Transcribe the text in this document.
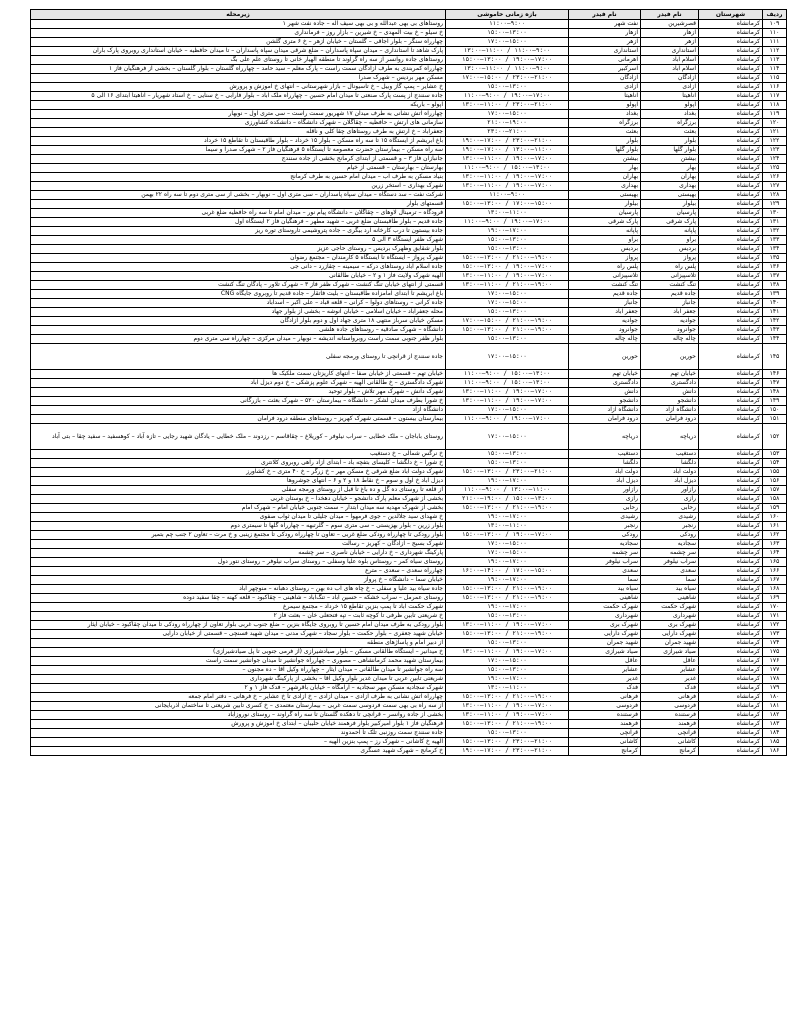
ردیف	شهرستان	نام فیدر	نام فیدر	بازه زمانی خاموشی	زیرمحله
۱۰۹	کرمانشاه	قصرشیرین	نفت شهر	۱۱:۰۰–۹:۰۰	روستاهای بی بهی عبدالله و بی بهی سیف اله – جاده نفت شهر ۱
۱۱۰	کرمانشاه	ازهار	ازهار	۱۵:۰۰–۱۳:۰۰	خ سیلو – خ بیت المهدی – خ شیرین – بازار روز – فرمانداری
۱۱۱	کرمانشاه	ازهر	ازهر	۱۷:۰۰–۱۵:۰۰	چهارراه سنگر – بلوار اجاقی – گلستان – خیابان ازهر – خ ۶ متری گلشن
۱۱۲	کرمانشاه	استانداری	استانداری	۱۳:۰۰–۱۱:۰۰ / ۱۱:۰۰–۹:۰۰	پارک شاهد تا استانداری – میدان سپاه پاسداران – ضلع شرقی میدان سپاه پاسداران – تا میدان حافظیه – خیابان استانداری روبروی پارک باران
۱۱۳	کرمانشاه	اسلام آباد	اهرمانی	۱۵:۰۰–۱۳:۰۰ / ۱۹:۰۰–۱۷:۰۰	روستاهای جاده روانسر از سه راه گراوند تا منطقه الهیار خانی تا روستای علم علی بگ
۱۱۴	کرمانشاه	اسلام آباد	اسرکبیر	۱۳:۰۰–۱۱:۰۰ / ۱۱:۰۰–۹:۰۰	چهارراه کمربندی به طرف آزادگان سمت راست – پارک معلم – سید حامد – چهارراه گلستان – بلوار گلستان – بخشی از فرهنگیان فاز ۱
۱۱۵	کرمانشاه	آزادگان	آزادگان	۱۷:۰۰–۱۵:۰۰ / ۲۳:۰۰–۲۱:۰۰	مسکن مهر بردیس – شهرک صدرا
۱۱۶	کرمانشاه	آزادی	آزادی	۱۵:۰۰–۱۳:۰۰	خ عشایر – پمپ گاز وبیل – خ تاسیونال – بازار شهرستانی – انتهای خ آموزش و پرورش
۱۱۷	کرمانشاه	آناهیتا	آناهیتا	۱۱:۰۰–۹:۰۰ / ۱۹:۰۰–۱۷:۰۰	جاده سنندج از پست پارک صنعتی تا میدان امام حسین – چهارراه ملک آباد – بلوار فارابی – خ سنایی – خ استاد شهریار – آناهیتا ابتدای ۱۶ الی ۵
۱۱۸	کرمانشاه	اپولو	اپولو	۱۳:۰۰–۱۱:۰۰ / ۲۳:۰۰–۲۱:۰۰	اپولو – باریکه
۱۱۹	کرمانشاه	بغداد	بغداد	۱۷:۰۰–۱۵:۰۰	چهارراه آتش نشانی به طرف میدان ۱۷ شهریور سمت راست – سی متری اول – نوبهار
۱۲۰	کرمانشاه	برزگراه	برزگراه	۲۱:۰۰–۱۹:۰۰	سازمانی های ارتش – حافظیه – چقاگلان – شهرک دانشگاه – دانشکده کشاورزی
۱۲۱	کرمانشاه	بعثت	بعثت	۲۳:۰۰–۲۱:۰۰	جعفرآباد – خ ارتش به طرف روستاهای چقا کلی و ناقله
۱۲۲	کرمانشاه	بلوار	بلوار	۱۹:۰۰–۱۷:۰۰ / ۲۳:۰۰–۲۱:۰۰	باغ ابریشم از ایستگاه ۱۵ تا سه راه مسکن – بلوار ۱۵ خرداد – بلوار طاقبستان تا تقاطع ۱۵ خرداد
۱۲۳	کرمانشاه	بلوار گلها	بلوار گلها	۱۹:۰۰–۱۷:۰۰ / ۱۳:۰۰–۱۱:۰۰	سه راه مسکن – بیمارستان حضرت معصومه تا ایستگاه ۵ فرهنگیان فاز ۲ – شهرک صدرا و سیما
۱۲۴	کرمانشاه	بیشتن	بیشتن	۱۳:۰۰–۱۱:۰۰ / ۱۹:۰۰–۱۷:۰۰	جانبازان فاز ۳ – و قسمتی از ابتدای کرمانج بخشی از جاده سنندج
۱۲۵	کرمانشاه	بهار	بهار	۱۱:۰۰–۹:۰۰ / ۱۵:۰۰–۱۳:۰۰	بهارستان – بهارستان – قسمتی از خیام
۱۲۶	کرمانشاه	بهاران	بهاران	۱۳:۰۰–۱۱:۰۰ / ۱۹:۰۰–۱۷:۰۰	بنیاد مسکن به طرف آب – میدان امام حسین به طرف کرمانج
۱۲۷	کرمانشاه	بهداری	بهداری	۱۳:۰۰–۱۱:۰۰ / ۱۹:۰۰–۱۷:۰۰	شهرک بهداری – استخر زرین
۱۲۸	کرمانشاه	بهیستی	بهیستی	۱۱:۰۰–۹:۰۰	شرکت نفت – سد دستگاه – میدان سپاه پاسداران – سی متری اول – نوبهار – بخشی از سی متری دوم تا سه راه ۲۲ بهمن
۱۲۹	کرمانشاه	بیلوار	بیلوار	۱۵:۰۰–۱۳:۰۰ / ۱۷:۰۰–۱۵:۰۰	قسمتهای بلوار
۱۳۰	کرمانشاه	پارسیان	پارسیان	۱۳:۰۰–۱۱:۰۰	فرودگاه – ترمینال لاوهای – چقاگلان – دانشگاه پیام نور – میدان امام تا سه راه حافظیه ضلع غربی
۱۳۱	کرمانشاه	پارک شرقی	پارک شرقی	۱۱:۰۰–۹:۰۰ / ۱۹:۰۰–۱۷:۰۰	جاده قدیم – بلوار طاقبستان ضلع غربی – شهید مطهر – فرهنگیان فاز ۲ ایستگاه اول
۱۳۲	کرمانشاه	پاپانه	پاپانه	۱۹:۰۰–۱۷:۰۰	جاده بیستون تا درب کارخانه آرد بیگری – جاده پتروشیمی تاروستای توره ریز
۱۳۳	کرمانشاه	براو	براو	۱۵:۰۰–۱۳:۰۰	شهرک ظفر ایستگاه ۳ الی ۵
۱۳۴	کرمانشاه	بردیس	بردیس	۱۵:۰۰–۱۳:۰۰	بلوار شقایق وظهرک بردیس – روستای حاجی عزیز
۱۳۵	کرمانشاه	پرواز	پرواز	۱۵:۰۰–۱۳:۰۰ / ۲۱:۰۰–۱۹:۰۰	شهرک پرواز – ایستگاه تا ایستگاه ۵ کارمندان – مجتمع رضوان
۱۳۶	کرمانشاه	پلس راه	پلس راه	۱۵:۰۰–۱۳:۰۰ / ۱۹:۰۰–۱۷:۰۰	جاده اسلام آباد روستاهای درکه – سیمینه – چقازرد – دانی جی
۱۳۷	کرمانشاه	تلاسپیزانی	تلاسپیزانی	۱۳:۰۰–۱۱:۰۰ / ۱۹:۰۰–۱۷:۰۰	الهیه شهرک ولایت فاز ۱ و ۲ – خیابان طالقانی
۱۳۸	کرمانشاه	تنگ کنشت	تنگ کنشت	۱۳:۰۰–۱۱:۰۰ / ۲۱:۰۰–۱۹:۰۰	قسمتی از انتهای خیابان تنگ کنشت – شهرک ظفر فاز ۳ – شهرک تلاور – پادگان تنگ کنشت
۱۳۹	کرمانشاه	جاده قدیم	جاده قدیم	۱۷:۰۰–۱۵:۰۰	باغ ابریشم تا ابتدای امامزاده طاقبستان – بلیت فاتقار – جاده قدیم تا روبروی جایگاه CNG
۱۴۰	کرمانشاه	جانباز	جانباز	۱۷:۰۰–۱۵:۰۰	جاده کرانی – روستاهای دولوا – کرانی – قلعه قباد – علی اکبر – اسدآباد
۱۴۱	کرمانشاه	جعفر آباد	جعفر آباد	۱۵:۰۰–۱۳:۰۰	محله جعفرآباد – خیابان اسلامی – خیابان انوشه – بخشی از بلوار جهاد
۱۴۲	کرمانشاه	جوادیه	جوادیه	۱۷:۰۰–۱۵:۰۰ / ۲۱:۰۰–۱۹:۰۰	مسکن خیابان سرباز منتهی ۱۸ متری جهاد اول و دوم بلوار آزادگان
۱۴۳	کرمانشاه	جوانرود	جوانرود	۱۵:۰۰–۱۳:۰۰ / ۲۱:۰۰–۱۹:۰۰	دانشگاه – شهرک صادقیه – روستاهای جاده هلشی
۱۴۴	کرمانشاه	چاله چاله	چاله چاله	۱۵:۰۰–۱۳:۰۰	بلوار ظفر جنوبی سمت راست روبروآستانه اندیشه – نوبهار – میدان مرکزی – چهارراه سی متری دوم
۱۴۵	کرمانشاه	حورین	حورین	۱۷:۰۰–۱۵:۰۰	جاده سنندج از قرانچی تا روستای ورمجه سفلی
۱۴۶	کرمانشاه	خیابان تهم	خیابان تهم	۱۱:۰۰–۹:۰۰ / ۱۵:۰۰–۱۳:۰۰	خیابان تهم – قسمتی از خیابان صفا – انتهای کاریزتان سمت ملکیک ها
۱۴۷	کرمانشاه	دادگستری	دادگستری	۱۱:۰۰–۹:۰۰ / ۱۵:۰۰–۱۳:۰۰	شهرک دادگستری – خ طالقانی الهیه – شهرک علوم پزشکی – خ دوم دیزل آباد
۱۴۸	کرمانشاه	دانش	دانش	۱۳:۰۰–۱۱:۰۰ / ۱۹:۰۰–۱۷:۰۰	شهرک دانش – شهرک مهر تلاش – بلوار توحید
۱۴۹	کرمانشاه	دانشجو	دانشجو	۱۳:۰۰–۱۱:۰۰ / ۱۹:۰۰–۱۷:۰۰	خ شورا بطرف میدان لشکر – دانشگاه – بیمارستان ۵۲۰ – شهرک بعثت – بازرگانی
۱۵۰	کرمانشاه	دانشگاه آزاد	دانشگاه آزاد	۱۷:۰۰–۱۵:۰۰	دانشگاه آزاد
۱۵۱	کرمانشاه	درود فرامان	درود فرامان	۱۱:۰۰–۹:۰۰ / ۱۹:۰۰–۱۷:۰۰	بیمارستان بیستون – قسمتی شهرک کهریز – روستاهای منطقه درود فرامان
۱۵۲	کرمانشاه	دریاچه	دریاچه	۱۷:۰۰–۱۵:۰۰	روستای باباجان – ملک خطایی – سراب نیلوفر – کوریلاغ – چقاقاسم – رزدوند – ملک خطایی – یادگان شهید رجایی – تازه آباد – کوهسفید – سفید چقا – بتی آباد
۱۵۳	کرمانشاه	دستغیب	دستغیب	۱۵:۰۰–۱۳:۰۰	خ نرگس شمالی – خ دستغیب
۱۵۴	کرمانشاه	دلگشا	دلگشا	۱۵:۰۰–۱۳:۰۰	خ شورا – خ دلگشا – کلیسای بتفچه باد – ابتدای آزاد راهی روبروی کلانتری
۱۵۵	کرمانشاه	دولت آباد	دولت آباد	۱۵:۰۰–۱۳:۰۰ / ۲۳:۰۰–۲۱:۰۰	شهرک دولت آباد ضلع شرقی خ مسکن مهر – خ زرگر – خ ۴۰ متری – خ کشاورز
۱۵۶	کرمانشاه	دیزل آباد	دیزل آباد	۱۹:۰۰–۱۷:۰۰	دیزل آباد خ اول و سوم – خ نقاط ۱۸ و ۲ و ۶ – انتهای جوشروها
۱۵۷	کرمانشاه	رازآور	رازآور	۱۱:۰۰–۹:۰۰ / ۱۳:۰۰–۱۱:۰۰	از قلعه تا روستای ده گل و ده باغ تا قبل از روستای ورمجه سفلی
۱۵۸	کرمانشاه	رازی	رازی	۲۱:۰۰–۱۹:۰۰ / ۱۵:۰۰–۱۳:۰۰	بخشی از شهرک معلم پارک دانشجو – خیابان دهخدا – خ بوستان غربی
۱۵۹	کرمانشاه	رحابی	رحابی	۱۵:۰۰–۱۳:۰۰ / ۲۱:۰۰–۱۹:۰۰	بخشی از شهرک مهدیه سه میدان ابتدار – سمت جنوبی خیابان امام – شهرک امام
۱۶۰	کرمانشاه	رشیدی	رشیدی	۱۹:۰۰–۱۷:۰۰	خ شهدای سید جلالدین – جوی فرمهوا – میدان جلیلی تا میدان ثواب صفوی
۱۶۱	کرمانشاه	رنجبر	رنجبر	۱۳:۰۰–۱۱:۰۰	بلوار زرین – بلوار بهزیستی – سی متری سوم – گلرتبهه – چهارراه گلها تا سیمتری دوم
۱۶۲	کرمانشاه	رودکی	رودکی	۱۵:۰۰–۱۳:۰۰ / ۱۹:۰۰–۱۷:۰۰	بلوار رودکی تا چهارراه رودکی ضلع غربی – تعاون تا چهارراه رودکی تا مجتمع زینبی و خ مرت – تعاون ۲ جنب چم بتمیر
۱۶۳	کرمانشاه	سجادیه	سجادیه	۱۷:۰۰–۱۵:۰۰	شهرک بسیج – آزادگان – کهریز – رسالت
۱۶۴	کرمانشاه	سر چشمه	سر چشمه	۱۷:۰۰–۱۵:۰۰	پارکینگ شهرداری – خ دارایی – خیابان ناصری – سر چشمه
۱۶۵	کرمانشاه	سراب نیلوفر	سراب نیلوفر	۱۹:۰۰–۱۷:۰۰	روستای سیاه کمر – روستاس بلوه علیا وسفلی – روستای سراب نیلوفر – روستای نتور دول
۱۶۶	کرمانشاه	سعدی	سعدی	۱۶:۰۰–۱۴:۰۰ / ۱۷:۰۰–۱۵:۰۰	چهارراه سعدی – سعدی – مترع
۱۶۷	کرمانشاه	سما	سما	۱۹:۰۰–۱۷:۰۰	خیابان سما – دانشگاه – خ پرواز
۱۶۸	کرمانشاه	سیاه بید	سیاه بید	۱۵:۰۰–۱۳:۰۰ / ۲۱:۰۰–۱۹:۰۰	جاده سیاه بید علیا و سفلی – خ چاه های آب ده بهن – روستای دهبانه – منوچهر آباد
۱۶۹	کرمانشاه	شاهینی	شاهینی	۱۵:۰۰–۱۳:۰۰ / ۲۱:۰۰–۱۹:۰۰	روستای عمرمل – سراب خشکه – حسین آباد – تنگ‌آباد – شاهینی – چقاکبود – قلعه کهنه – چقا سفید دوده
۱۷۰	کرمانشاه	شهرک حکمت	شهرک حکمت	۱۹:۰۰–۱۷:۰۰	شهرک حکمت آباد تا پمپ بنزین تقاطع ۱۵ خرداد – مجتمع سیمرغ
۱۷۱	کرمانشاه	شهرداری	شهرداری	۱۵:۰۰–۱۳:۰۰	خ شریعتی تابین ظرفی تا کوچه ثابت – تپه فتحعلی خان – بعثت فاز ۲
۱۷۲	کرمانشاه	شهرک بری	شهرک بری	۱۳:۰۰–۱۱:۰۰ / ۱۹:۰۰–۱۷:۰۰	بلوار رودکی به طرف میدان امام حسین تا روبروی جایگاه بنزین – ضلع جنوب غربی بلوار تعاون از چهارراه رودکی تا میدان چقاکبود – خیابان ایثار
۱۷۳	کرمانشاه	شهرک دارایی	شهرک دارایی	۱۵:۰۰–۱۳:۰۰ / ۲۱:۰۰–۱۹:۰۰	خیابان شهید جعفری – بلوار حکمت – بلوار سجاد – شهرک مدنی – میدان شهید فسنچی – قسمتی از خیابان دارایی
۱۷۴	کرمانشاه	شهید جمران	شهید جمران	۱۵:۰۰–۱۳:۰۰	از دبیر امام و پاساژهای منطقه
۱۷۵	کرمانشاه	صیاد شیرازی	صیاد شیرازی	۱۳:۰۰–۱۱:۰۰ / ۱۹:۰۰–۱۷:۰۰	خ میدانیر – ایستگاه طالقانی مسکن – بلوار صیادشیرازی (از فرمی جنوبی تا پل صیادشیرازی)
۱۷۶	کرمانشاه	عاقل	عاقل	۱۷:۰۰–۱۵:۰۰	بیمارستان شهید محمد کرمانشاهی – مصوری – چهارراه جوانشیر تا میدان جوانشیر سمت راست
۱۷۷	کرمانشاه	عشایر	عشایر	۱۵:۰۰–۱۳:۰۰	سه راه جوانشیر تا میدان طالقانی – میدان ایثار – چهارراه وکیل آقا – ده مجنون –
۱۷۸	کرمانشاه	غدیر	غدیر	۱۹:۰۰–۱۷:۰۰	شریعتی تابین عربی تا میدان غدیر بلوار وکیل آقا – بخشی از پارکینگ شهرداری
۱۷۹	کرمانشاه	فدک	فدک	۱۳:۰۰–۱۱:۰۰	شهرک سجادیه مسکن مهر سجادیه – آرامگاه – خیابان باقرشهر – فدک فاز ۱ و ۲
۱۸۰	کرمانشاه	فرهانی	فرهانی	۱۵:۰۰–۱۳:۰۰ / ۲۱:۰۰–۱۹:۰۰	چهارراه آتش نشانی به طرف آزادی – میدان آزادی – خ آزادی تا خ عشایر – خ فرهانی – دفتر امام جمعه
۱۸۱	کرمانشاه	فردوسی	فردوسی	۱۳:۰۰–۱۱:۰۰ / ۱۹:۰۰–۱۷:۰۰	از سه راه بی بهی سمت فردوسی سمت غربی – بیمارستان معتمدی – خ کسری تابین شریعتی تا ساختمان آذربایجانی
۱۸۲	کرمانشاه	فرستنده	فرستنده	۱۳:۰۰–۱۱:۰۰ / ۱۹:۰۰–۱۷:۰۰	بخشی از جاده روانسر – قرانچی تا دهکده گلستان تا سه راه گراوند – روستای نوروزآباد
۱۸۳	کرمانشاه	فرهمند	فرهمند	۱۵:۰۰–۱۳:۰۰ / ۲۱:۰۰–۱۹:۰۰	فرهنگیان فاز ۱ بلوار امیرکبیر بلوار فرهمند خیابان حلیبان – ابتدای خ آموزش و پرورش
۱۸۴	کرمانشاه	قرانچی	قرانچی	۱۵:۰۰–۱۳:۰۰	جاده سنندج سمت روزنبی تلک تا احمدوند
۱۸۵	کرمانشاه	کاشانی	کاشانی	۱۵:۰۰–۱۳:۰۰ / ۲۳:۰۰–۲۱:۰۰	الهیه خ کاشانی – شهرک رز – پمپ بنزین الهیه –
۱۸۶	کرمانشاه	کرمانج	کرمانج	۱۹:۰۰–۱۷:۰۰ / ۲۳:۰۰–۲۱:۰۰	خ کرمانج – شهرک شهید عسگری
